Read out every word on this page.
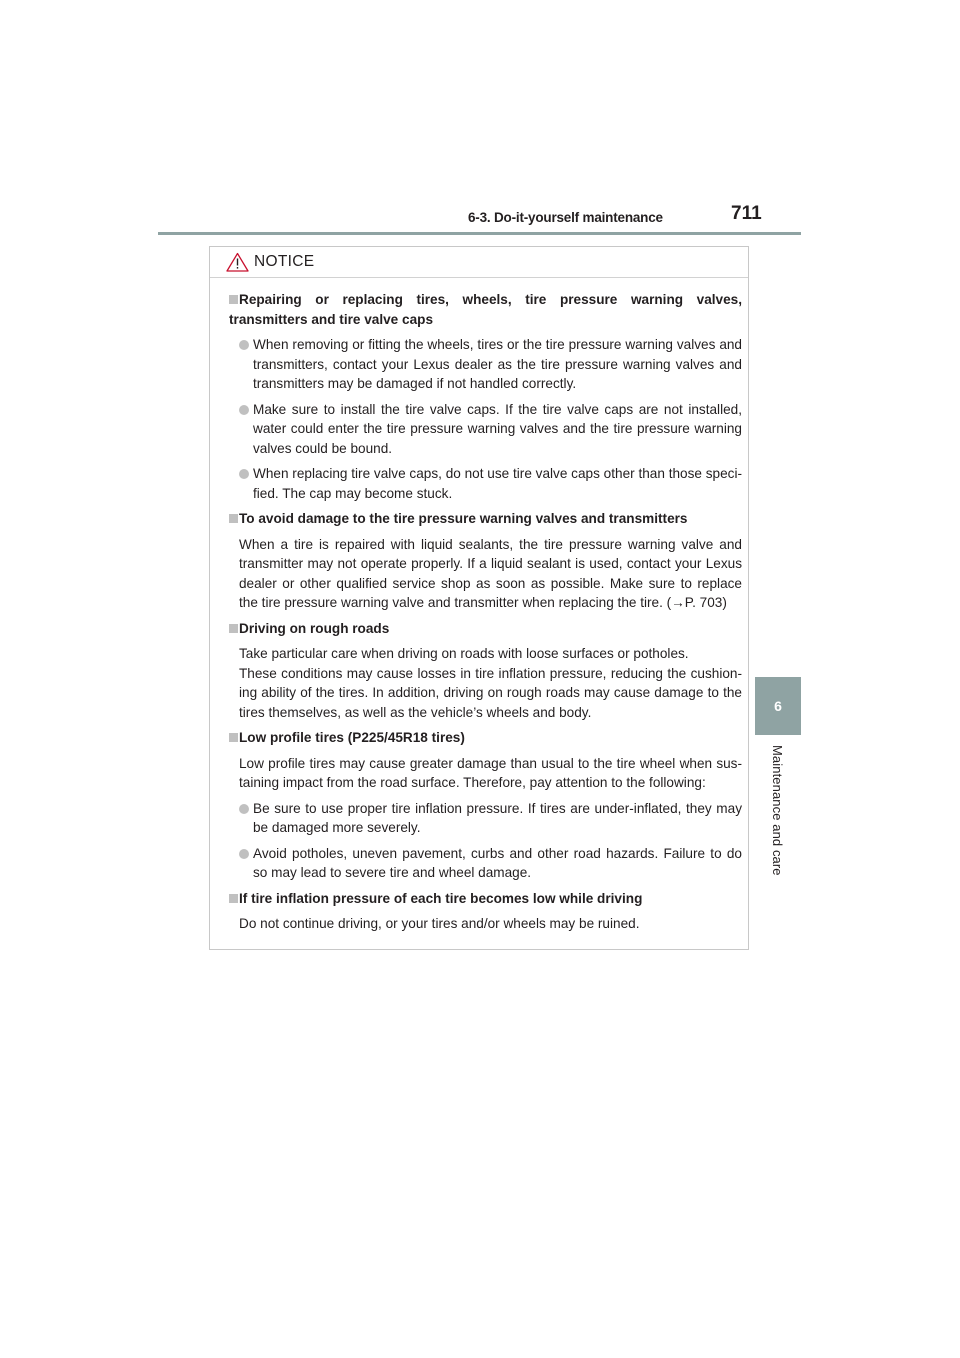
6-3. Do-it-yourself maintenance	711
6
Maintenance and care
NOTICE
Repairing or replacing tires, wheels, tire pressure warning valves, transmitters and tire valve caps
When removing or fitting the wheels, tires or the tire pressure warning valves and transmitters, contact your Lexus dealer as the tire pressure warning valves and transmitters may be damaged if not handled correctly.
Make sure to install the tire valve caps. If the tire valve caps are not installed, water could enter the tire pressure warning valves and the tire pressure warning valves could be bound.
When replacing tire valve caps, do not use tire valve caps other than those speci-fied. The cap may become stuck.
To avoid damage to the tire pressure warning valves and transmitters
When a tire is repaired with liquid sealants, the tire pressure warning valve and transmitter may not operate properly. If a liquid sealant is used, contact your Lexus dealer or other qualified service shop as soon as possible. Make sure to replace the tire pressure warning valve and transmitter when replacing the tire. (→P. 703)
Driving on rough roads
Take particular care when driving on roads with loose surfaces or potholes.
These conditions may cause losses in tire inflation pressure, reducing the cushion-ing ability of the tires. In addition, driving on rough roads may cause damage to the tires themselves, as well as the vehicle’s wheels and body.
Low profile tires (P225/45R18 tires)
Low profile tires may cause greater damage than usual to the tire wheel when sus-taining impact from the road surface. Therefore, pay attention to the following:
Be sure to use proper tire inflation pressure. If tires are under-inflated, they may be damaged more severely.
Avoid potholes, uneven pavement, curbs and other road hazards. Failure to do so may lead to severe tire and wheel damage.
If tire inflation pressure of each tire becomes low while driving
Do not continue driving, or your tires and/or wheels may be ruined.
